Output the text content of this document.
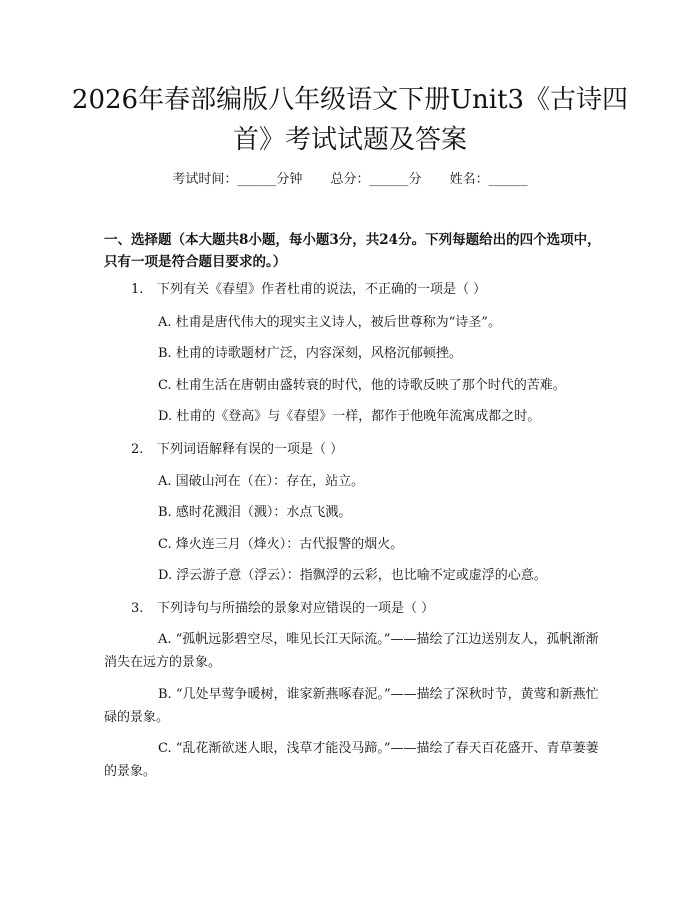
2026年春部编版八年级语文下册Unit3《古诗四首》考试试题及答案
考试时间：______分钟 总分：______分 姓名：______
一、选择题（本大题共8小题，每小题3分，共24分。下列每题给出的四个选项中，只有一项是符合题目要求的。）
1. 下列有关《春望》作者杜甫的说法，不正确的一项是（ ）
A. 杜甫是唐代伟大的现实主义诗人，被后世尊称为“诗圣”。
B. 杜甫的诗歌题材广泛，内容深刻，风格沉郁顿挫。
C. 杜甫生活在唐朝由盛转衰的时代，他的诗歌反映了那个时代的苦难。
D. 杜甫的《登高》与《春望》一样，都作于他晚年流寓成都之时。
2. 下列词语解释有误的一项是（ ）
A. 国破山河在（在）：存在，站立。
B. 感时花溅泪（溅）：水点飞溅。
C. 烽火连三月（烽火）：古代报警的烟火。
D. 浮云游子意（浮云）：指飘浮的云彩，也比喻不定或虚浮的心意。
3. 下列诗句与所描绘的景象对应错误的一项是（ ）
A. “孤帆远影碧空尽，唯见长江天际流。”——描绘了江边送别友人，孤帆渐渐消失在远方的景象。
B. “几处早莺争暖树，谁家新燕啄春泥。”——描绘了深秋时节，黄莺和新燕忙碌的景象。
C. “乱花渐欲迷人眼，浅草才能没马蹄。”——描绘了春天百花盛开、青草萋萋的景象。
